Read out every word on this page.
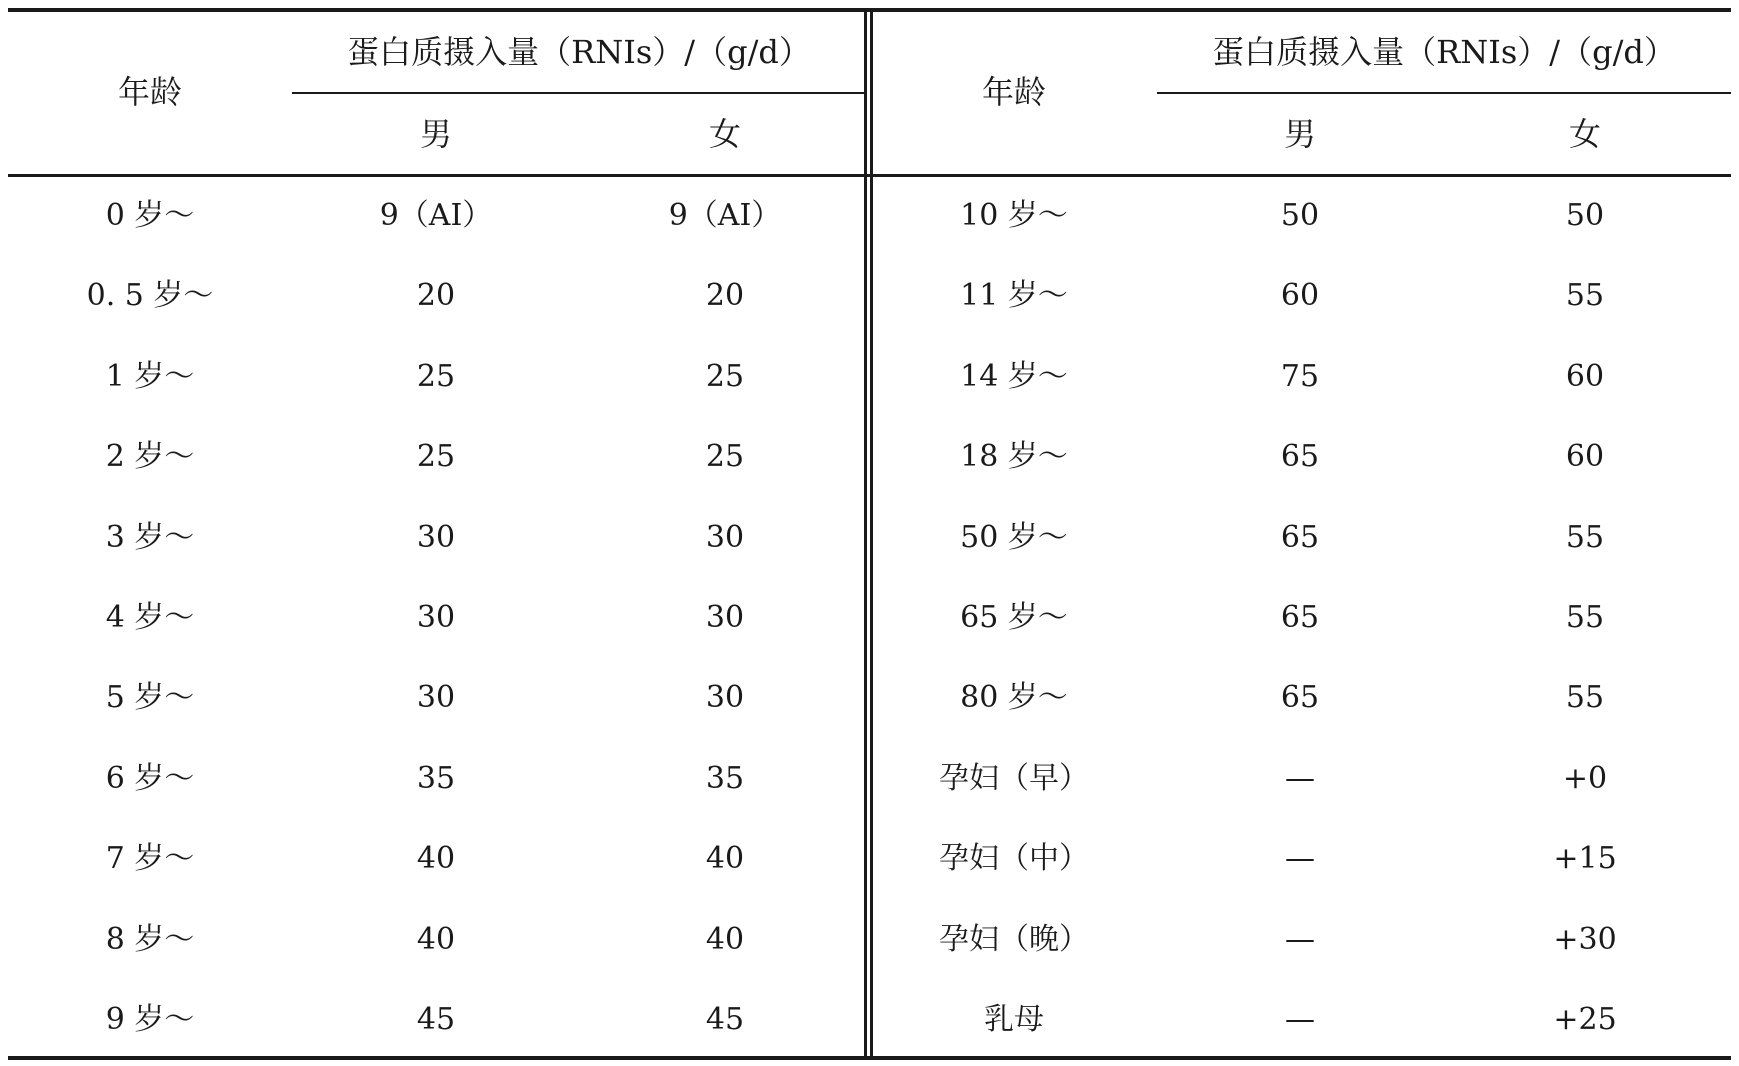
年龄
蛋白质摄入量（RNIs）/（g/d）
男	女
年龄
蛋白质摄入量（RNIs）/（g/d）
男	女
0 岁～	9（AI）	9（AI）
0. 5 岁～	20	20
1 岁～	25	25
2 岁～	25	25
3 岁～	30	30
4 岁～	30	30
5 岁～	30	30
6 岁～	35	35
7 岁～	40	40
8 岁～	40	40
9 岁～	45	45
10 岁～	50	50
11 岁～	60	55
14 岁～	75	60
18 岁～	65	60
50 岁～	65	55
65 岁～	65	55
80 岁～	65	55
孕妇（早）	—	+0
孕妇（中）	—	+15
孕妇（晚）	—	+30
乳母	—	+25
